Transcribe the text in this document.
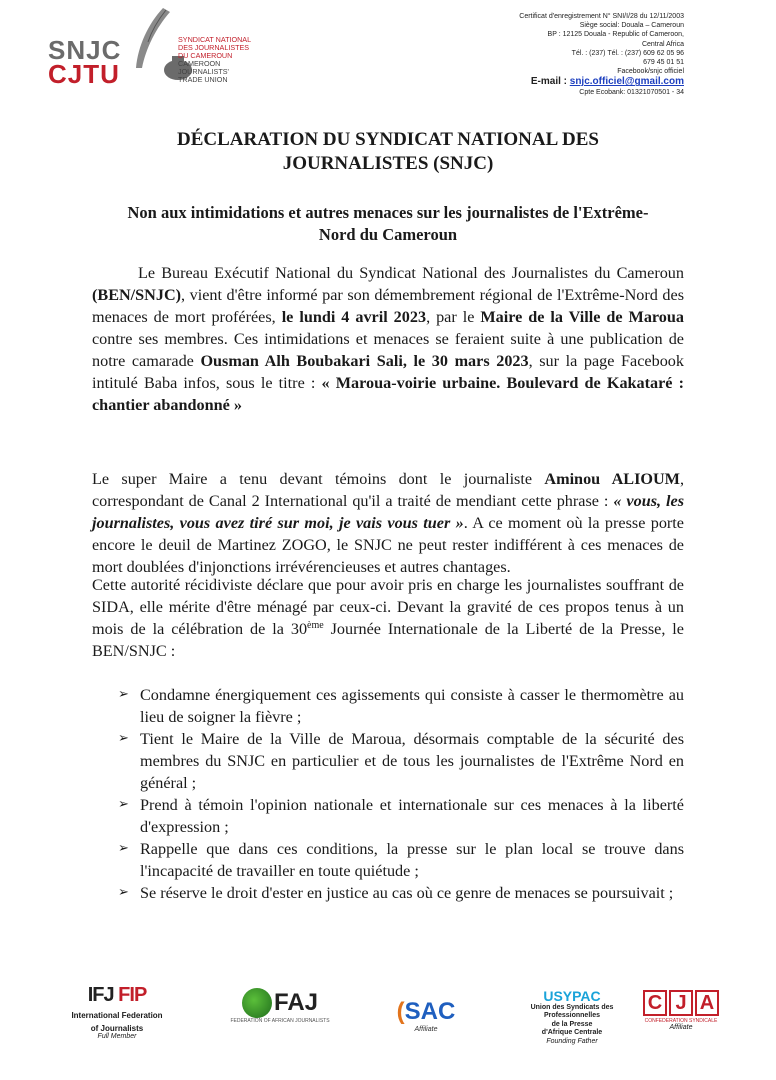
SNJC
CJTU
SYNDICAT NATIONAL
DES JOURNALISTES
DU CAMEROUN
CAMEROON
JOURNALISTS'
TRADE UNION
Certificat d'enregistrement N° SNI/I/28 du 12/11/2003
Siège social: Douala – Cameroun
BP : 12125 Douala - Republic of Cameroon,
Central Africa
Tél. : (237) Tél. : (237) 609 62 05 96
679 45 01 51
Facebook/snjc officiel
E-mail : snjc.officiel@gmail.com
Cpte Ecobank: 01321070501 - 34
DÉCLARATION DU SYNDICAT NATIONAL DES
JOURNALISTES (SNJC)
Non aux intimidations et autres menaces sur les journalistes de l'Extrême-
Nord du Cameroun

Le Bureau Exécutif National du Syndicat National des Journalistes du Cameroun (BEN/SNJC), vient d'être informé par son démembrement régional de l'Extrême-Nord des menaces de mort proférées, le lundi 4 avril 2023, par le Maire de la Ville de Maroua contre ses membres. Ces intimidations et menaces se feraient suite à une publication de notre camarade Ousman Alh Boubakari Sali, le 30 mars 2023, sur la page Facebook intitulé Baba infos, sous le titre : « Maroua-voirie urbaine. Boulevard de Kakataré : chantier abandonné »

Le super Maire a tenu devant témoins dont le journaliste Aminou ALIOUM, correspondant de Canal 2 International qu'il a traité de mendiant cette phrase : « vous, les journalistes, vous avez tiré sur moi, je vais vous tuer ». A ce moment où la presse porte encore le deuil de Martinez ZOGO, le SNJC ne peut rester indifférent à ces menaces de mort doublées d'injonctions irrévérencieuses et autres chantages.

Cette autorité récidiviste déclare que pour avoir pris en charge les journalistes souffrant de SIDA, elle mérite d'être ménagé par ceux-ci. Devant la gravité de ces propos tenus à un mois de la célébration de la 30ème Journée Internationale de la Liberté de la Presse, le BEN/SNJC :

➢ Condamne énergiquement ces agissements qui consiste à casser le thermomètre au lieu de soigner la fièvre ;
➢ Tient le Maire de la Ville de Maroua, désormais comptable de la sécurité des membres du SNJC en particulier et de tous les journalistes de l'Extrême Nord en général ;
➢ Prend à témoin l'opinion nationale et internationale sur ces menaces à la liberté d'expression ;
➢ Rappelle que dans ces conditions, la presse sur le plan local se trouve dans l'incapacité de travailler en toute quiétude ;
➢ Se réserve le droit d'ester en justice au cas où ce genre de menaces se poursuivait ;
IFJ FIP
International Federation
of Journalists
Full Member
FAJ
FEDERATION OF AFRICAN JOURNALISTS	(SAC
Affiliate
USYPAC
Union des Syndicats des
Professionnelles
de la Presse
d'Afrique Centrale
Founding Father
C J A
CONFEDERATION SYNDICALE
Affiliate
